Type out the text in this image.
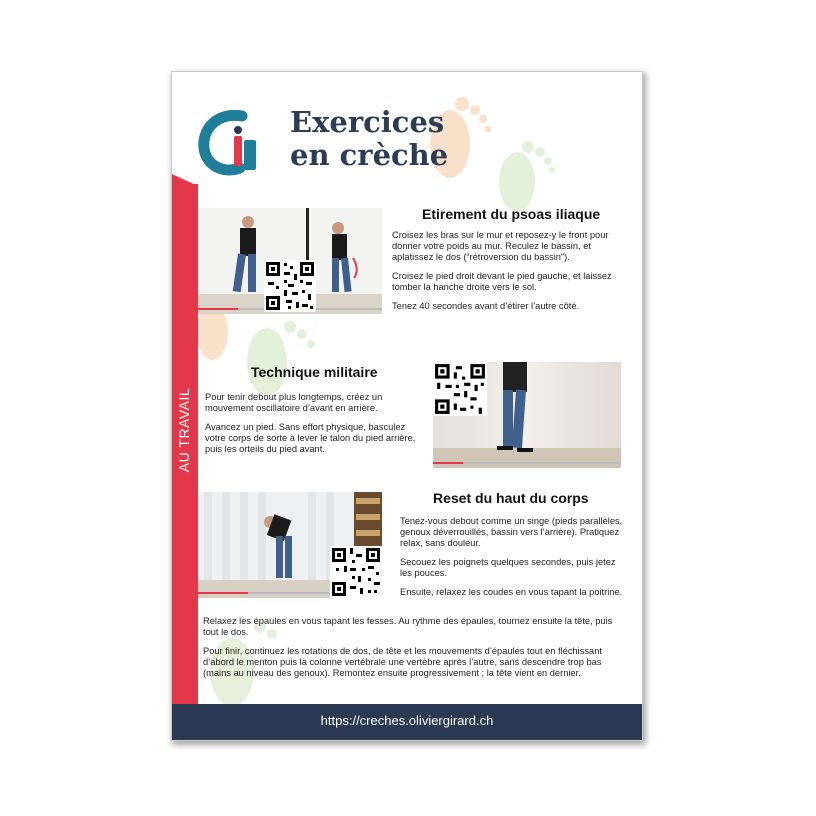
Exercices
en crèche
AU TRAVAIL
Etirement du psoas iliaque

Croisez les bras sur le mur et reposez-y le front pour donner votre poids au mur. Reculez le bassin, et aplatissez le dos (“rétroversion du bassin”).

Croisez le pied droit devant le pied gauche, et laissez tomber la hanche droite vers le sol.

Tenez 40 secondes avant d’étirer l’autre côté.

Technique militaire

Pour tenir debout plus longtemps, créez un mouvement oscillatoire d’avant en arrière.

Avancez un pied. Sans effort physique, basculez votre corps de sorte à lever le talon du pied arrière, puis les orteils du pied avant.

Reset du haut du corps

Tenez-vous debout comme un singe (pieds parallèles, genoux déverrouillés, bassin vers l’arrière). Pratiquez relax, sans douleur.

Secouez les poignets quelques secondes, puis jetez les pouces.

Ensuite, relaxez les coudes en vous tapant la poitrine.

Relaxez les épaules en vous tapant les fesses. Au rythme des épaules, tournez ensuite la tête, puis tout le dos.

Pour finir, continuez les rotations de dos, de tête et les mouvements d’épaules tout en fléchissant d’abord le menton puis la colonne vertébrale une vertèbre après l’autre, sans descendre trop bas (mains au niveau des genoux). Remontez ensuite progressivement ; la tête vient en dernier.

https://creches.oliviergirard.ch
